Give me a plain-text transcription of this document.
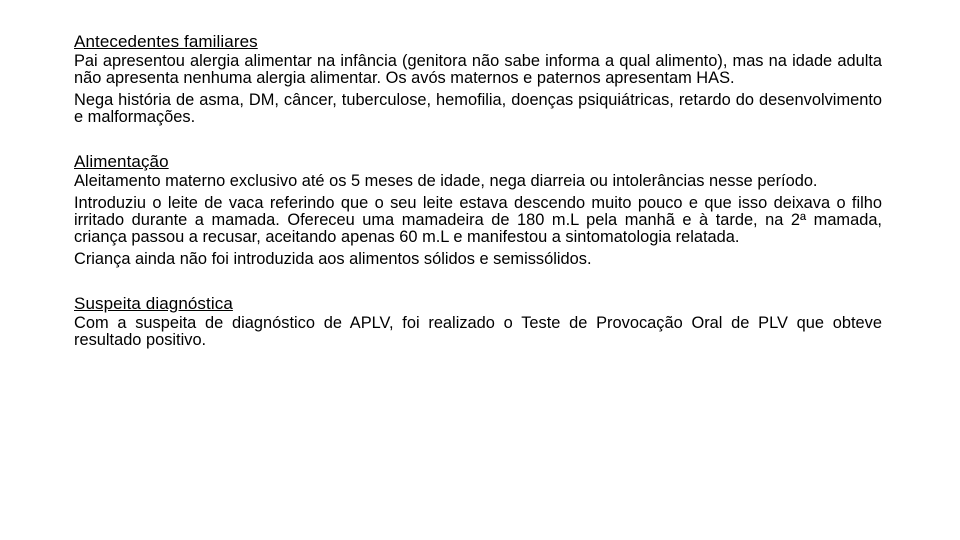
Antecedentes familiares

Pai apresentou alergia alimentar na infância (genitora não sabe informa a qual alimento), mas na idade adulta não apresenta nenhuma alergia alimentar. Os avós maternos e paternos apresentam HAS.

Nega história de asma, DM, câncer, tuberculose, hemofilia, doenças psiquiátricas, retardo do desenvolvimento e malformações.

Alimentação

Aleitamento materno exclusivo até os 5 meses de idade, nega diarreia ou intolerâncias nesse período.

Introduziu o leite de vaca referindo que o seu leite estava descendo muito pouco e que isso deixava o filho irritado durante a mamada. Ofereceu uma mamadeira de 180 m.L pela manhã e à tarde, na 2ª mamada, criança passou a recusar, aceitando apenas 60 m.L e manifestou a sintomatologia relatada.

Criança ainda não foi introduzida aos alimentos sólidos e semissólidos.

Suspeita diagnóstica

Com a suspeita de diagnóstico de APLV, foi realizado o Teste de Provocação Oral de PLV que obteve resultado positivo.
